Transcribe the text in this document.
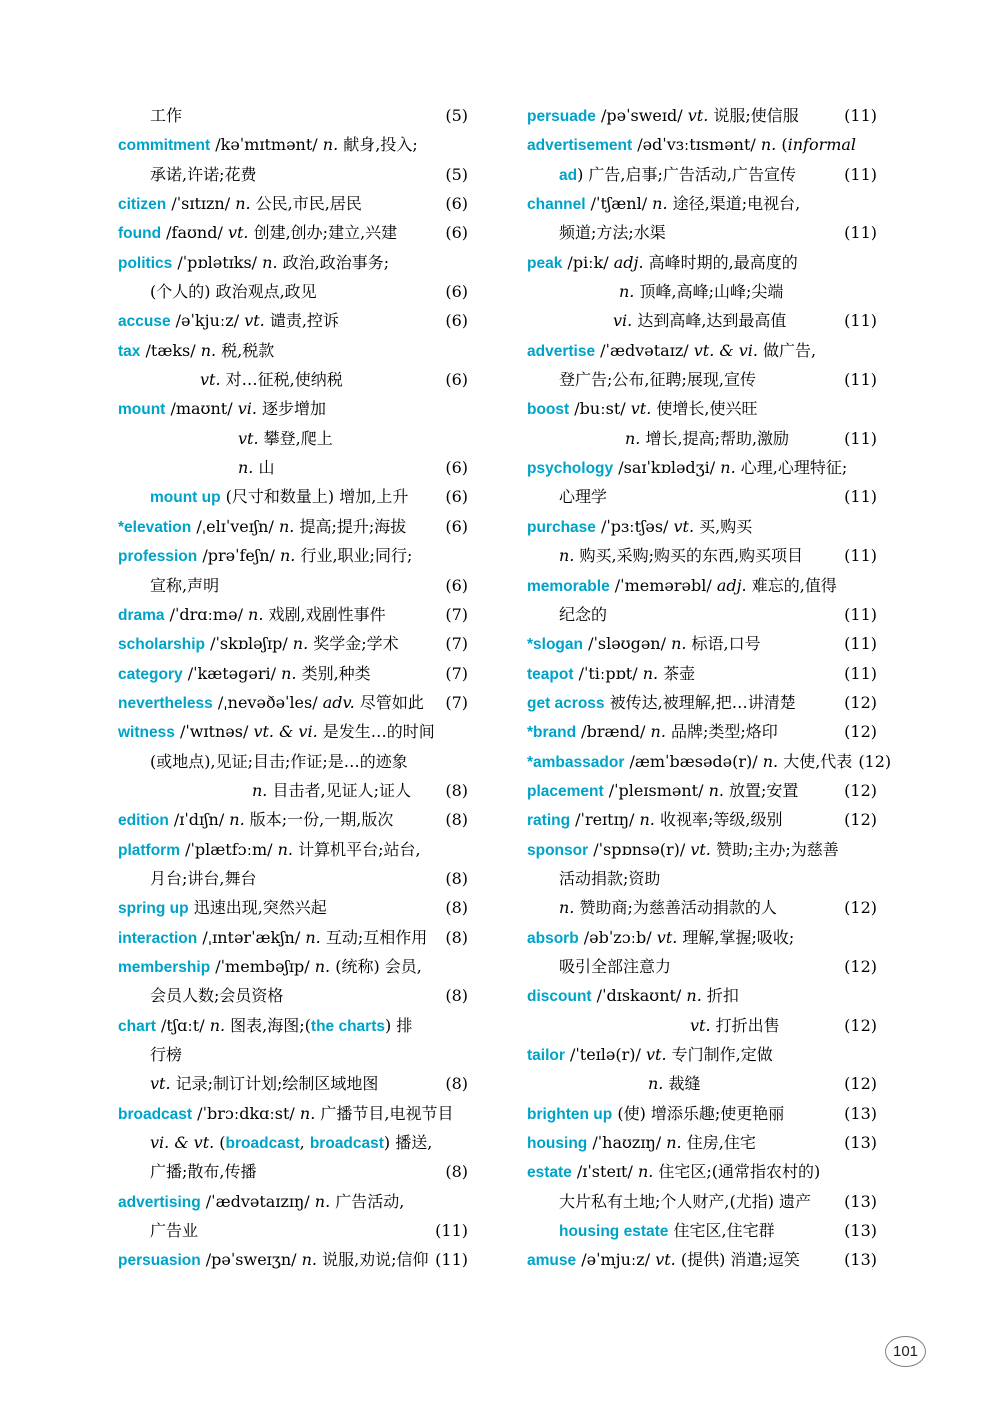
工作	(5)
commitment /kəˈmɪtmənt/ n. 献身,投入;
承诺,许诺;花费	(5)
citizen /ˈsɪtɪzn/ n. 公民,市民,居民	(6)
found /faʊnd/ vt. 创建,创办;建立,兴建	(6)
politics /ˈpɒlətɪks/ n. 政治,政治事务;
(个人的) 政治观点,政见	(6)
accuse /əˈkjuːz/ vt. 谴责,控诉	(6)
tax /tæks/ n. 税,税款
vt. 对…征税,使纳税	(6)
mount /maʊnt/ vi. 逐步增加
vt. 攀登,爬上
n. 山	(6)
mount up (尺寸和数量上) 增加,上升	(6)
*elevation /ˌelɪˈveɪʃn/ n. 提高;提升;海拔	(6)
profession /prəˈfeʃn/ n. 行业,职业;同行;
宣称,声明	(6)
drama /ˈdrɑːmə/ n. 戏剧,戏剧性事件	(7)
scholarship /ˈskɒləʃɪp/ n. 奖学金;学术	(7)
category /ˈkætəgəri/ n. 类别,种类	(7)
nevertheless /ˌnevəðəˈles/ adv. 尽管如此	(7)
witness /ˈwɪtnəs/ vt. & vi. 是发生…的时间
(或地点),见证;目击;作证;是…的迹象
n. 目击者,见证人;证人	(8)
edition /ɪˈdɪʃn/ n. 版本;一份,一期,版次	(8)
platform /ˈplætfɔːm/ n. 计算机平台;站台,
月台;讲台,舞台	(8)
spring up 迅速出现,突然兴起	(8)
interaction /ˌɪntərˈækʃn/ n. 互动;互相作用	(8)
membership /ˈmembəʃɪp/ n. (统称) 会员,
会员人数;会员资格	(8)
chart /tʃɑːt/ n. 图表,海图;(the charts) 排
行榜
vt. 记录;制订计划;绘制区域地图	(8)
broadcast /ˈbrɔːdkɑːst/ n. 广播节目,电视节目
vi. & vt. (broadcast, broadcast) 播送,
广播;散布,传播	(8)
advertising /ˈædvətaɪzɪŋ/ n. 广告活动,
广告业	(11)
persuasion /pəˈsweɪʒn/ n. 说服,劝说;信仰 (11)
persuade /pəˈsweɪd/ vt. 说服;使信服	(11)
advertisement /ədˈvɜːtɪsmənt/ n. (informal
ad) 广告,启事;广告活动,广告宣传	(11)
channel /ˈtʃænl/ n. 途径,渠道;电视台,
频道;方法;水渠	(11)
peak /piːk/ adj. 高峰时期的,最高度的
n. 顶峰,高峰;山峰;尖端
vi. 达到高峰,达到最高值	(11)
advertise /ˈædvətaɪz/ vt. & vi. 做广告,
登广告;公布,征聘;展现,宣传	(11)
boost /buːst/ vt. 使增长,使兴旺
n. 增长,提高;帮助,激励	(11)
psychology /saɪˈkɒlədʒi/ n. 心理,心理特征;
心理学	(11)
purchase /ˈpɜːtʃəs/ vt. 买,购买
n. 购买,采购;购买的东西,购买项目	(11)
memorable /ˈmemərəbl/ adj. 难忘的,值得
纪念的	(11)
*slogan /ˈsləʊgən/ n. 标语,口号	(11)
teapot /ˈtiːpɒt/ n. 茶壶	(11)
get across 被传达,被理解,把…讲清楚	(12)
*brand /brænd/ n. 品牌;类型;烙印	(12)
*ambassador /æmˈbæsədə(r)/ n. 大使,代表 (12)
placement /ˈpleɪsmənt/ n. 放置;安置	(12)
rating /ˈreɪtɪŋ/ n. 收视率;等级,级别	(12)
sponsor /ˈspɒnsə(r)/ vt. 赞助;主办;为慈善
活动捐款;资助
n. 赞助商;为慈善活动捐款的人	(12)
absorb /əbˈzɔːb/ vt. 理解,掌握;吸收;
吸引全部注意力	(12)
discount /ˈdɪskaʊnt/ n. 折扣
vt. 打折出售	(12)
tailor /ˈteɪlə(r)/ vt. 专门制作,定做
n. 裁缝	(12)
brighten up (使) 增添乐趣;使更艳丽	(13)
housing /ˈhaʊzɪŋ/ n. 住房,住宅	(13)
estate /ɪˈsteɪt/ n. 住宅区;(通常指农村的)
大片私有土地;个人财产,(尤指) 遗产	(13)
housing estate 住宅区,住宅群	(13)
amuse /əˈmjuːz/ vt. (提供) 消遣;逗笑	(13)
101
